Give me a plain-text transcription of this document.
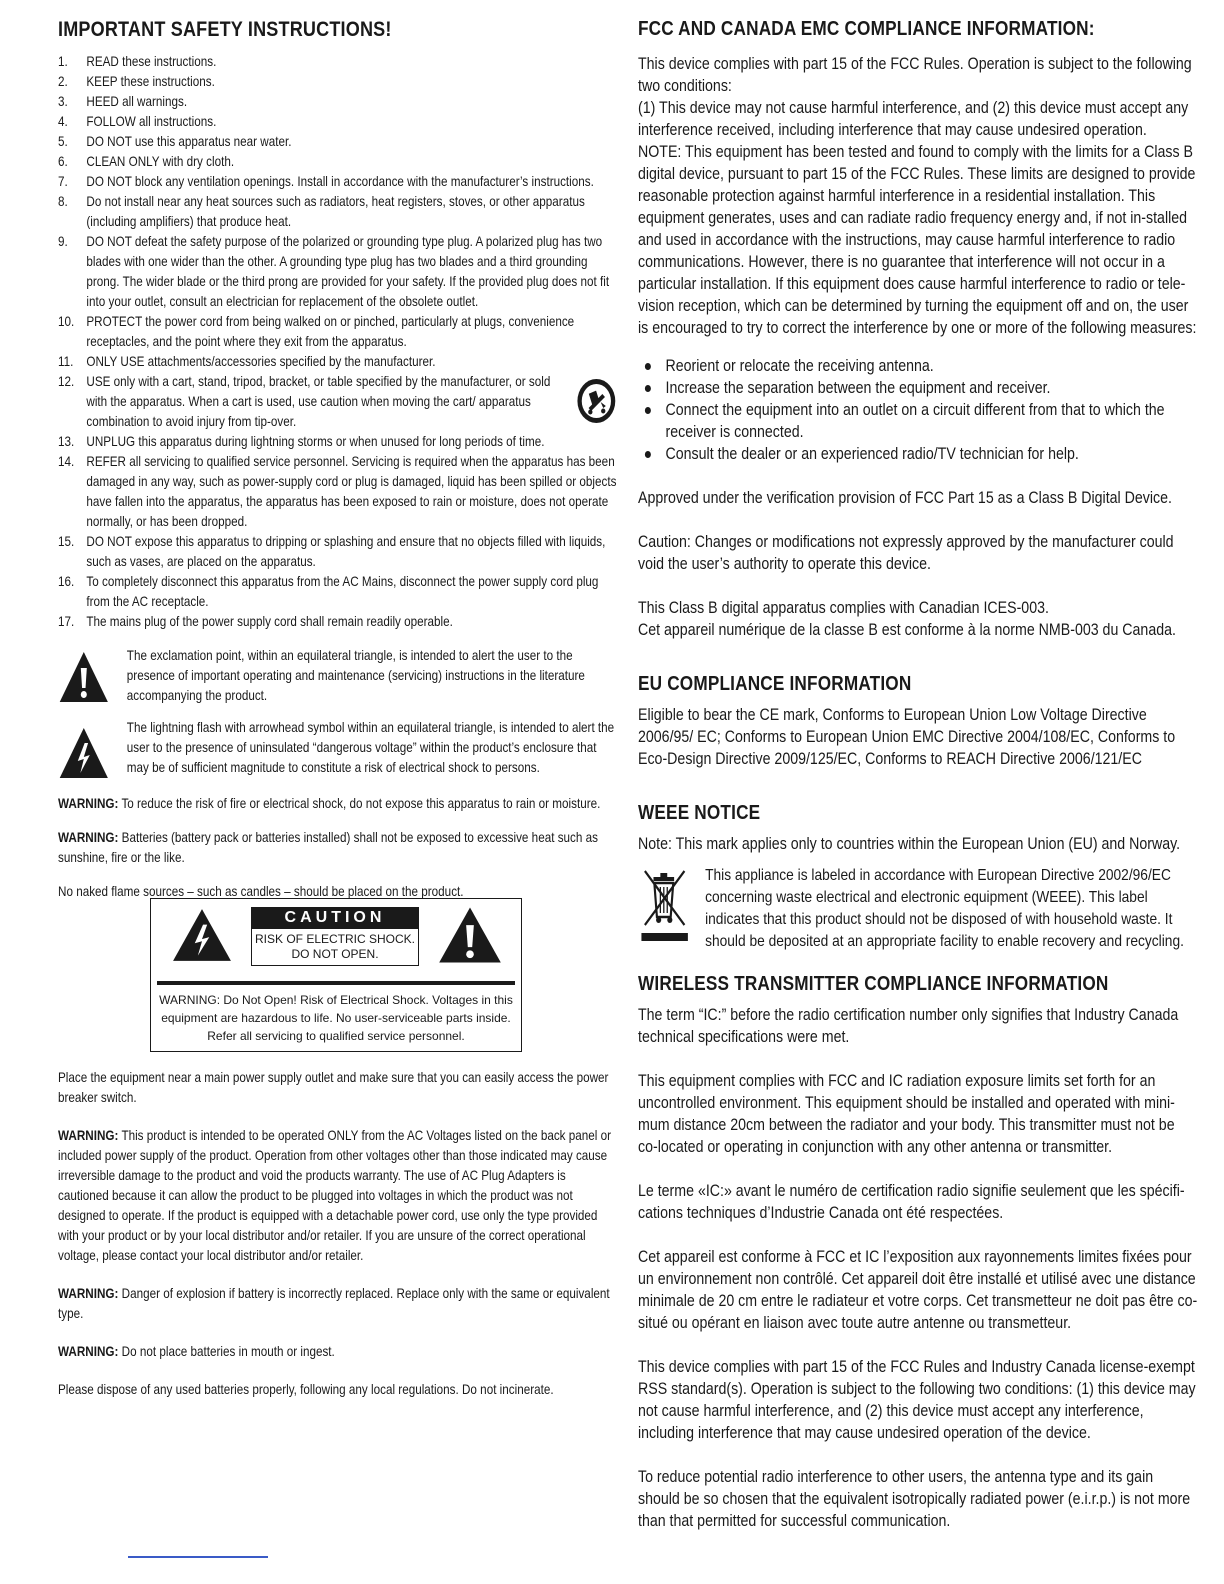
IMPORTANT SAFETY INSTRUCTIONS!
1. READ these instructions.
2. KEEP these instructions.
3. HEED all warnings.
4. FOLLOW all instructions.
5. DO NOT use this apparatus near water.
6. CLEAN ONLY with dry cloth.
7. DO NOT block any ventilation openings. Install in accordance with the manufacturer’s instructions.
8. Do not install near any heat sources such as radiators, heat registers, stoves, or other apparatus (including amplifiers) that produce heat.
9. DO NOT defeat the safety purpose of the polarized or grounding type plug. A polarized plug has two blades with one wider than the other. A grounding type plug has two blades and a third grounding prong. The wider blade or the third prong are provided for your safety. If the provided plug does not fit into your outlet, consult an electrician for replacement of the obsolete outlet.
10. PROTECT the power cord from being walked on or pinched, particularly at plugs, convenience receptacles, and the point where they exit from the apparatus.
11. ONLY USE attachments/accessories specified by the manufacturer.
12. USE only with a cart, stand, tripod, bracket, or table specified by the manufacturer, or sold with the apparatus. When a cart is used, use caution when moving the cart/ apparatus combination to avoid injury from tip-over.
13. UNPLUG this apparatus during lightning storms or when unused for long periods of time.
14. REFER all servicing to qualified service personnel. Servicing is required when the apparatus has been damaged in any way, such as power-supply cord or plug is damaged, liquid has been spilled or objects have fallen into the apparatus, the apparatus has been exposed to rain or moisture, does not operate normally, or has been dropped.
15. DO NOT expose this apparatus to dripping or splashing and ensure that no objects filled with liquids, such as vases, are placed on the apparatus.
16. To completely disconnect this apparatus from the AC Mains, disconnect the power supply cord plug from the AC receptacle.
17. The mains plug of the power supply cord shall remain readily operable.
The exclamation point, within an equilateral triangle, is intended to alert the user to the presence of important operating and maintenance (servicing) instructions in the literature accompanying the product.
The lightning flash with arrowhead symbol within an equilateral triangle, is intended to alert the user to the presence of uninsulated “dangerous voltage” within the product’s enclosure that may be of sufficient magnitude to constitute a risk of electrical shock to persons.

WARNING: To reduce the risk of fire or electrical shock, do not expose this apparatus to rain or moisture.

WARNING: Batteries (battery pack or batteries installed) shall not be exposed to excessive heat such as sunshine, fire or the like.

No naked flame sources – such as candles – should be placed on the product.

CAUTION
RISK OF ELECTRIC SHOCK.
DO NOT OPEN.
WARNING: Do Not Open! Risk of Electrical Shock. Voltages in this equipment are hazardous to life. No user-serviceable parts inside. Refer all servicing to qualified service personnel.

Place the equipment near a main power supply outlet and make sure that you can easily access the power breaker switch.

WARNING: This product is intended to be operated ONLY from the AC Voltages listed on the back panel or included power supply of the product. Operation from other voltages other than those indicated may cause irreversible damage to the product and void the products warranty. The use of AC Plug Adapters is cautioned because it can allow the product to be plugged into voltages in which the product was not designed to operate. If the product is equipped with a detachable power cord, use only the type provided with your product or by your local distributor and/or retailer. If you are unsure of the correct operational voltage, please contact your local distributor and/or retailer.

WARNING: Danger of explosion if battery is incorrectly replaced. Replace only with the same or equivalent type.

WARNING: Do not place batteries in mouth or ingest.

Please dispose of any used batteries properly, following any local regulations. Do not incinerate.

FCC AND CANADA EMC COMPLIANCE INFORMATION:

This device complies with part 15 of the FCC Rules. Operation is subject to the following two conditions:

(1) This device may not cause harmful interference, and (2) this device must accept any interference received, including interference that may cause undesired operation.

NOTE: This equipment has been tested and found to comply with the limits for a Class B digital device, pursuant to part 15 of the FCC Rules. These limits are designed to provide reasonable protection against harmful interference in a residential installation. This equipment generates, uses and can radiate radio frequency energy and, if not in-stalled and used in accordance with the instructions, may cause harmful interference to radio communications. However, there is no guarantee that interference will not occur in a particular installation. If this equipment does cause harmful interference to radio or tele-vision reception, which can be determined by turning the equipment off and on, the user is encouraged to try to correct the interference by one or more of the following measures:

Reorient or relocate the receiving antenna.
Increase the separation between the equipment and receiver.
Connect the equipment into an outlet on a circuit different from that to which the receiver is connected.
Consult the dealer or an experienced radio/TV technician for help.

Approved under the verification provision of FCC Part 15 as a Class B Digital Device.

Caution: Changes or modifications not expressly approved by the manufacturer could void the user’s authority to operate this device.

This Class B digital apparatus complies with Canadian ICES-003.

Cet appareil numérique de la classe B est conforme à la norme NMB-003 du Canada.

EU COMPLIANCE INFORMATION

Eligible to bear the CE mark, Conforms to European Union Low Voltage Directive 2006/95/ EC; Conforms to European Union EMC Directive 2004/108/EC, Conforms to Eco-Design Directive 2009/125/EC, Conforms to REACH Directive 2006/121/EC

WEEE NOTICE

Note: This mark applies only to countries within the European Union (EU) and Norway.

This appliance is labeled in accordance with European Directive 2002/96/EC concerning waste electrical and electronic equipment (WEEE). This label indicates that this product should not be disposed of with household waste. It should be deposited at an appropriate facility to enable recovery and recycling.
WIRELESS TRANSMITTER COMPLIANCE INFORMATION

The term “IC:” before the radio certification number only signifies that Industry Canada technical specifications were met.

This equipment complies with FCC and IC radiation exposure limits set forth for an uncontrolled environment. This equipment should be installed and operated with mini-mum distance 20cm between the radiator and your body. This transmitter must not be co-located or operating in conjunction with any other antenna or transmitter.

Le terme «IC:» avant le numéro de certification radio signifie seulement que les spécifi-cations techniques d’Industrie Canada ont été respectées.

Cet appareil est conforme à FCC et IC l’exposition aux rayonnements limites fixées pour un environnement non contrôlé. Cet appareil doit être installé et utilisé avec une distance minimale de 20 cm entre le radiateur et votre corps. Cet transmetteur ne doit pas être co-situé ou opérant en liaison avec toute autre antenne ou transmetteur.

This device complies with part 15 of the FCC Rules and Industry Canada license-exempt RSS standard(s). Operation is subject to the following two conditions: (1) this device may not cause harmful interference, and (2) this device must accept any interference, including interference that may cause undesired operation of the device.

To reduce potential radio interference to other users, the antenna type and its gain should be so chosen that the equivalent isotropically radiated power (e.i.r.p.) is not more than that permitted for successful communication.
